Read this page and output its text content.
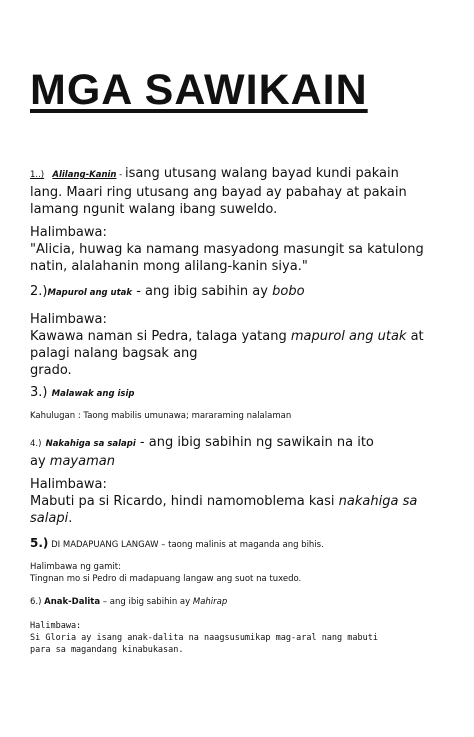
MGA SAWIKAIN

1..) Alilang-Kanin - isang utusang walang bayad kundi pakain
lang. Maari ring utusang ang bayad ay pabahay at pakain
lamang ngunit walang ibang suweldo.

Halimbawa:
"Alicia, huwag ka namang masyadong masungit sa katulong
natin, alalahanin mong alilang-kanin siya."

2.)Mapurol ang utak - ang ibig sabihin ay bobo

Halimbawa:
Kawawa naman si Pedra, talaga yatang mapurol ang utak at
palagi nalang bagsak ang
grado.

3.) Malawak ang isip

Kahulugan : Taong mabilis umunawa; mararaming nalalaman

4.) Nakahiga sa salapi - ang ibig sabihin ng sawikain na ito
ay mayaman

Halimbawa:
Mabuti pa si Ricardo, hindi namomoblema kasi nakahiga sa
salapi.

5.) DI MADAPUANG LANGAW – taong malinis at maganda ang bihis.

Halimbawa ng gamit:
Tingnan mo si Pedro di madapuang langaw ang suot na tuxedo.

6.) Anak-Dalita – ang ibig sabihin ay Mahirap

Halimbawa:
Si Gloria ay isang anak-dalita na naagsusumikap mag-aral nang mabuti
para sa magandang kinabukasan.
